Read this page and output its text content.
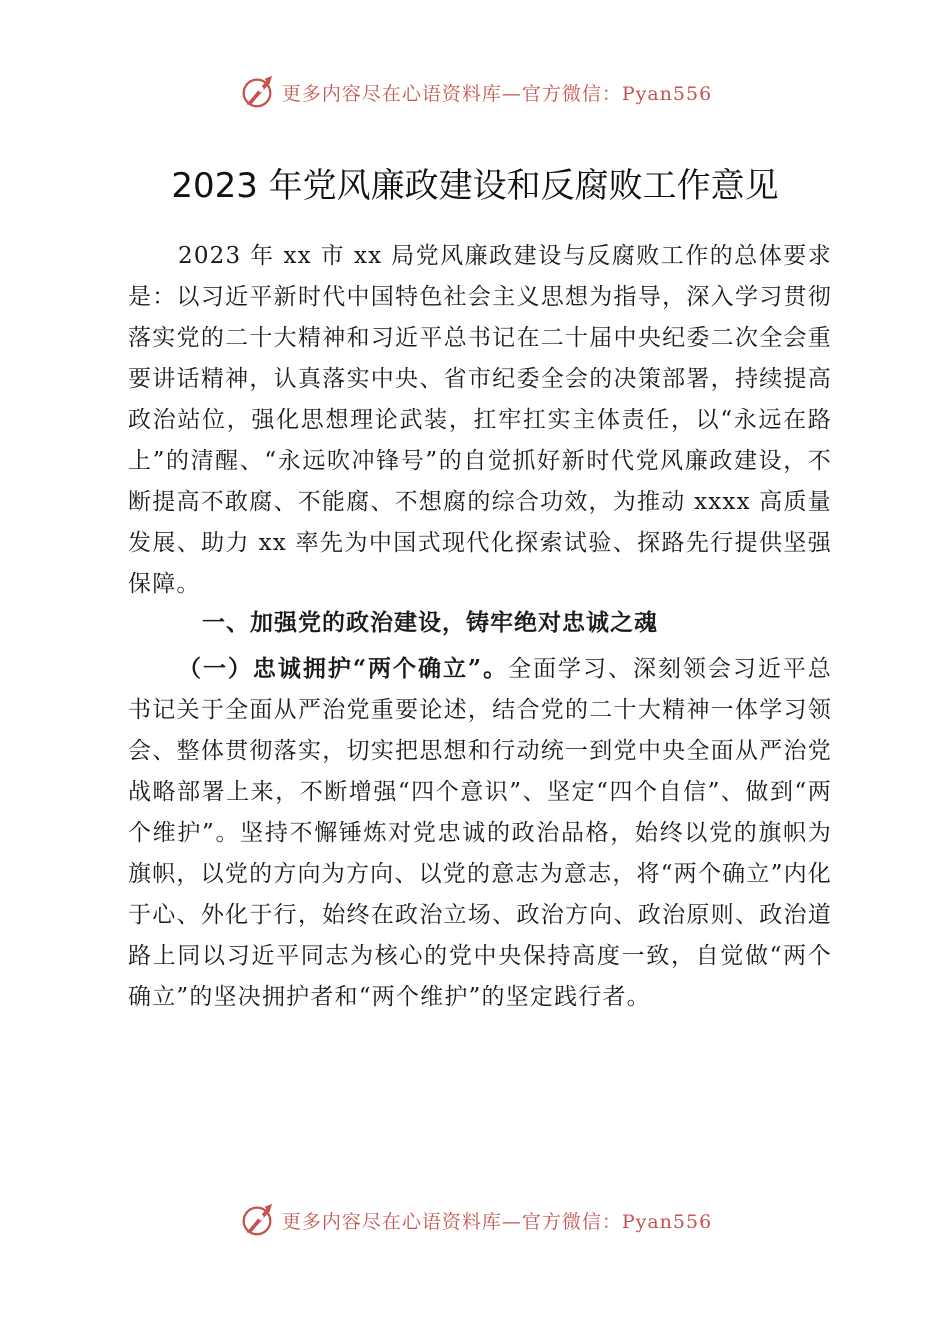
更多内容尽在心语资料库—官方微信：Pyan556
2023 年党风廉政建设和反腐败工作意见

2023 年 xx 市 xx 局党风廉政建设与反腐败工作的总体要求是：以习近平新时代中国特色社会主义思想为指导，深入学习贯彻落实党的二十大精神和习近平总书记在二十届中央纪委二次全会重要讲话精神，认真落实中央、省市纪委全会的决策部署，持续提高政治站位，强化思想理论武装，扛牢扛实主体责任，以“永远在路上”的清醒、“永远吹冲锋号”的自觉抓好新时代党风廉政建设，不断提高不敢腐、不能腐、不想腐的综合功效，为推动 xxxx 高质量发展、助力 xx 率先为中国式现代化探索试验、探路先行提供坚强保障。

一、加强党的政治建设，铸牢绝对忠诚之魂

（一）忠诚拥护“两个确立”。全面学习、深刻领会习近平总书记关于全面从严治党重要论述，结合党的二十大精神一体学习领会、整体贯彻落实，切实把思想和行动统一到党中央全面从严治党战略部署上来，不断增强“四个意识”、坚定“四个自信”、做到“两个维护”。坚持不懈锤炼对党忠诚的政治品格，始终以党的旗帜为旗帜，以党的方向为方向、以党的意志为意志，将“两个确立”内化于心、外化于行，始终在政治立场、政治方向、政治原则、政治道路上同以习近平同志为核心的党中央保持高度一致，自觉做“两个确立”的坚决拥护者和“两个维护”的坚定践行者。

更多内容尽在心语资料库—官方微信：Pyan556
